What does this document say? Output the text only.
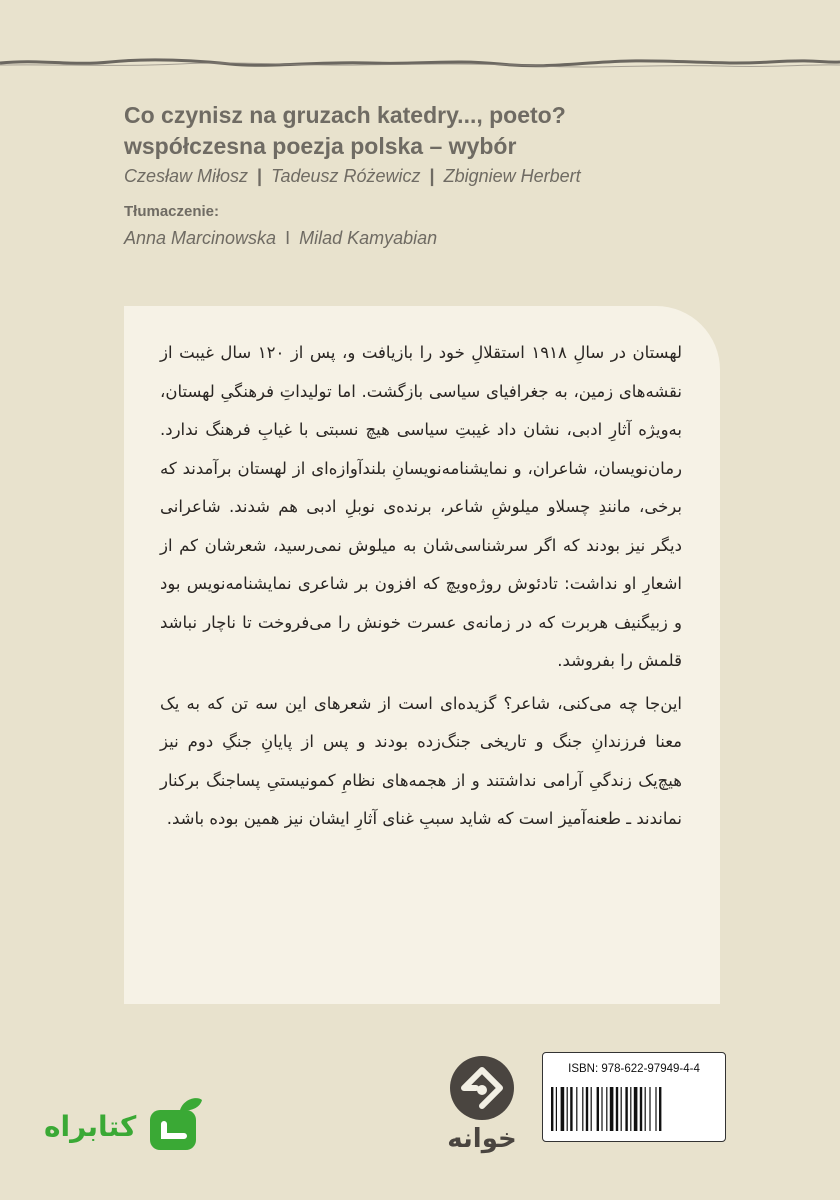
Co czynisz na gruzach katedry..., poeto?
współczesna poezja polska – wybór
Czesław Miłosz | Tadeusz Różewicz | Zbigniew Herbert
Tłumaczenie:
Anna Marcinowska I Milad Kamyabian

لهستان در سالِ ۱۹۱۸ استقلالِ خود را بازیافت و، پس از ۱۲۰ سال غیبت از نقشه‌های زمین، به جغرافیای سیاسی بازگشت. اما تولیداتِ فرهنگیِ لهستان، به‌ویژه آثارِ ادبی، نشان داد غیبتِ سیاسی هیچ نسبتی با غیابِ فرهنگ ندارد. رمان‌نویسان، شاعران، و نمایشنامه‌نویسانِ بلندآوازه‌ای از لهستان برآمدند که برخی، مانندِ چسلاو میلوشِ شاعر، برنده‌ی نوبلِ ادبی هم شدند. شاعرانی دیگر نیز بودند که اگر سرشناسی‌شان به میلوش نمی‌رسید، شعرشان کم از اشعارِ او نداشت: تادئوش روژه‌ویچ که افزون بر شاعری نمایشنامه‌نویس بود و زبیگنیف هربرت که در زمانه‌ی عسرت خونش را می‌فروخت تا ناچار نباشد قلمش را بفروشد.

این‌جا چه می‌کنی، شاعر؟ گزیده‌ای است از شعرهای این سه تن که به یک معنا فرزندانِ جنگ و تاریخی جنگ‌زده بودند و پس از پایانِ جنگِ دوم نیز هیچ‌یک زندگیِ آرامی نداشتند و از هجمه‌های نظامِ کمونیستیِ پساجنگ برکنار نماندند ـ طعنه‌آمیز است که شاید سببِ غنای آثارِ ایشان نیز همین بوده باشد.

ISBN: 978-622-97949-4-4
خوانه
کتابراه
